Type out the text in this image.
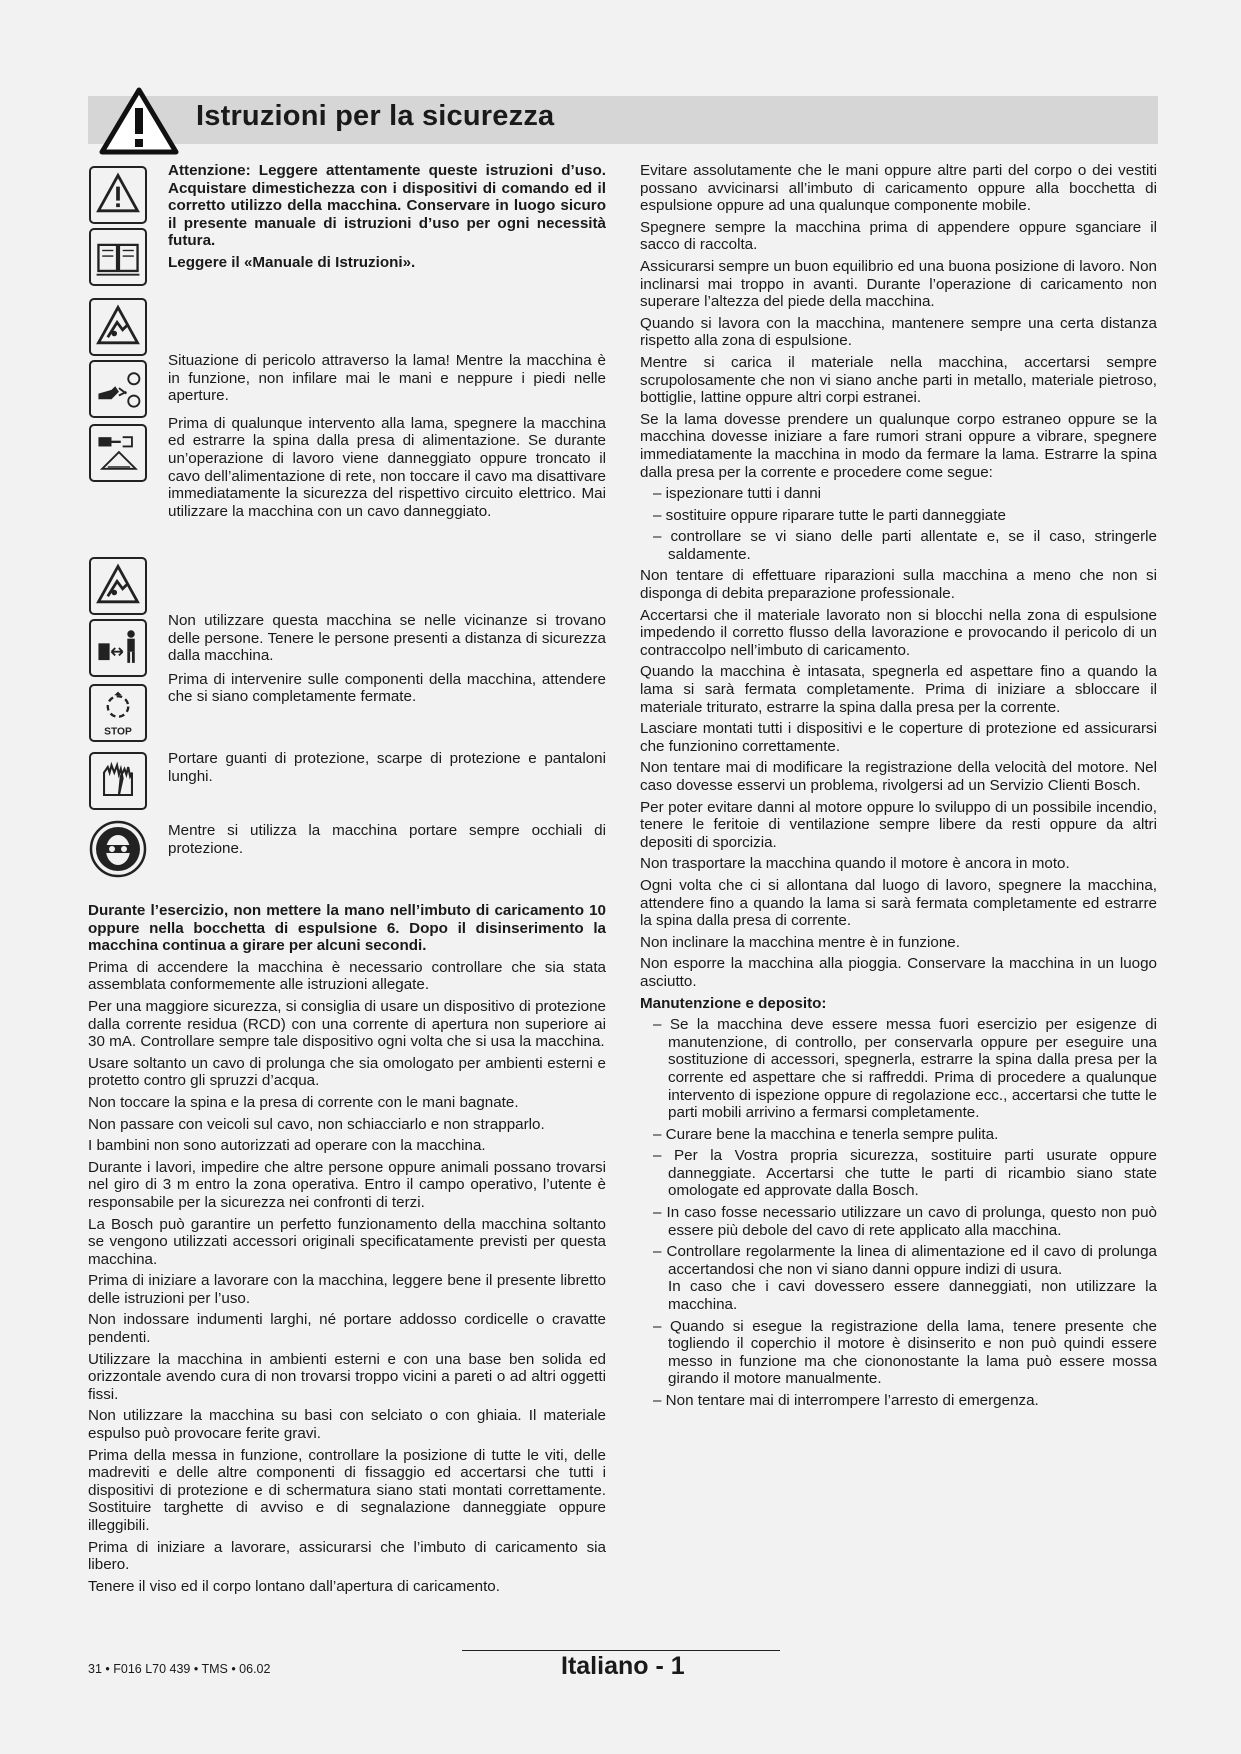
Istruzioni per la sicurezza
STOP

Attenzione: Leggere attentamente queste istruzioni d’uso. Acquistare dimestichezza con i dispositivi di comando ed il corretto utilizzo della macchina. Conservare in luogo sicuro il presente manuale di istruzioni d’uso per ogni necessità futura.

Leggere il «Manuale di Istruzioni».

Situazione di pericolo attraverso la lama! Mentre la macchina è in funzione, non infilare mai le mani e neppure i piedi nelle aperture.

Prima di qualunque intervento alla lama, spegnere la macchina ed estrarre la spina dalla presa di alimentazione. Se durante un’operazione di lavoro viene danneggiato oppure troncato il cavo dell’alimentazione di rete, non toccare il cavo ma disattivare immediatamente la sicurezza del rispettivo circuito elettrico. Mai utilizzare la macchina con un cavo danneggiato.

Non utilizzare questa macchina se nelle vicinanze si trovano delle persone. Tenere le persone presenti a distanza di sicurezza dalla macchina.

Prima di intervenire sulle componenti della macchina, attendere che si siano completamente fermate.

Portare guanti di protezione, scarpe di protezione e pantaloni lunghi.

Mentre si utilizza la macchina portare sempre occhiali di protezione.

Durante l’esercizio, non mettere la mano nell’imbuto di caricamento 10 oppure nella bocchetta di espulsione 6. Dopo il disinserimento la macchina continua a girare per alcuni secondi.

Prima di accendere la macchina è necessario controllare che sia stata assemblata conformemente alle istruzioni allegate.

Per una maggiore sicurezza, si consiglia di usare un dispositivo di protezione dalla corrente residua (RCD) con una corrente di apertura non superiore ai 30 mA. Controllare sempre tale dispositivo ogni volta che si usa la macchina.

Usare soltanto un cavo di prolunga che sia omologato per ambienti esterni e protetto contro gli spruzzi d’acqua.

Non toccare la spina e la presa di corrente con le mani bagnate.

Non passare con veicoli sul cavo, non schiacciarlo e non strapparlo.

I bambini non sono autorizzati ad operare con la macchina.

Durante i lavori, impedire che altre persone oppure animali possano trovarsi nel giro di 3 m entro la zona operativa. Entro il campo operativo, l’utente è responsabile per la sicurezza nei confronti di terzi.

La Bosch può garantire un perfetto funzionamento della macchina soltanto se vengono utilizzati accessori originali specificatamente previsti per questa macchina.

Prima di iniziare a lavorare con la macchina, leggere bene il presente libretto delle istruzioni per l’uso.

Non indossare indumenti larghi, né portare addosso cordicelle o cravatte pendenti.

Utilizzare la macchina in ambienti esterni e con una base ben solida ed orizzontale avendo cura di non trovarsi troppo vicini a pareti o ad altri oggetti fissi.

Non utilizzare la macchina su basi con selciato o con ghiaia. Il materiale espulso può provocare ferite gravi.

Prima della messa in funzione, controllare la posizione di tutte le viti, delle madreviti e delle altre componenti di fissaggio ed accertarsi che tutti i dispositivi di protezione e di schermatura siano stati montati correttamente. Sostituire targhette di avviso e di segnalazione danneggiate oppure illeggibili.

Prima di iniziare a lavorare, assicurarsi che l’imbuto di caricamento sia libero.

Tenere il viso ed il corpo lontano dall’apertura di caricamento.

Evitare assolutamente che le mani oppure altre parti del corpo o dei vestiti possano avvicinarsi all’imbuto di caricamento oppure alla bocchetta di espulsione oppure ad una qualunque componente mobile.

Spegnere sempre la macchina prima di appendere oppure sganciare il sacco di raccolta.

Assicurarsi sempre un buon equilibrio ed una buona posizione di lavoro. Non inclinarsi mai troppo in avanti. Durante l’operazione di caricamento non superare l’altezza del piede della macchina.

Quando si lavora con la macchina, mantenere sempre una certa distanza rispetto alla zona di espulsione.

Mentre si carica il materiale nella macchina, accertarsi sempre scrupolosamente che non vi siano anche parti in metallo, materiale pietroso, bottiglie, lattine oppure altri corpi estranei.

Se la lama dovesse prendere un qualunque corpo estraneo oppure se la macchina dovesse iniziare a fare rumori strani oppure a vibrare, spegnere immediatamente la macchina in modo da fermare la lama. Estrarre la spina dalla presa per la corrente e procedere come segue:

– ispezionare tutti i danni

– sostituire oppure riparare tutte le parti danneggiate

– controllare se vi siano delle parti allentate e, se il caso, stringerle saldamente.

Non tentare di effettuare riparazioni sulla macchina a meno che non si disponga di debita preparazione professionale.

Accertarsi che il materiale lavorato non si blocchi nella zona di espulsione impedendo il corretto flusso della lavorazione e provocando il pericolo di un contraccolpo nell’imbuto di caricamento.

Quando la macchina è intasata, spegnerla ed aspettare fino a quando la lama si sarà fermata completamente. Prima di iniziare a sbloccare il materiale triturato, estrarre la spina dalla presa per la corrente.

Lasciare montati tutti i dispositivi e le coperture di protezione ed assicurarsi che funzionino correttamente.

Non tentare mai di modificare la registrazione della velocità del motore. Nel caso dovesse esservi un problema, rivolgersi ad un Servizio Clienti Bosch.

Per poter evitare danni al motore oppure lo sviluppo di un possibile incendio, tenere le feritoie di ventilazione sempre libere da resti oppure da altri depositi di sporcizia.

Non trasportare la macchina quando il motore è ancora in moto.

Ogni volta che ci si allontana dal luogo di lavoro, spegnere la macchina, attendere fino a quando la lama si sarà fermata completamente ed estrarre la spina dalla presa di corrente.

Non inclinare la macchina mentre è in funzione.

Non esporre la macchina alla pioggia. Conservare la macchina in un luogo asciutto.

Manutenzione e deposito:

– Se la macchina deve essere messa fuori esercizio per esigenze di manutenzione, di controllo, per conservarla oppure per eseguire una sostituzione di accessori, spegnerla, estrarre la spina dalla presa per la corrente ed aspettare che si raffreddi. Prima di procedere a qualunque intervento di ispezione oppure di regolazione ecc., accertarsi che tutte le parti mobili arrivino a fermarsi completamente.

– Curare bene la macchina e tenerla sempre pulita.

– Per la Vostra propria sicurezza, sostituire parti usurate oppure danneggiate. Accertarsi che tutte le parti di ricambio siano state omologate ed approvate dalla Bosch.

– In caso fosse necessario utilizzare un cavo di prolunga, questo non può essere più debole del cavo di rete applicato alla macchina.

– Controllare regolarmente la linea di alimentazione ed il cavo di prolunga accertandosi che non vi siano danni oppure indizi di usura.

In caso che i cavi dovessero essere danneggiati, non utilizzare la macchina.

– Quando si esegue la registrazione della lama, tenere presente che togliendo il coperchio il motore è disinserito e non può quindi essere messo in funzione ma che ciononostante la lama può essere mossa girando il motore manualmente.

– Non tentare mai di interrompere l’arresto di emergenza.

31 • F016 L70 439 • TMS • 06.02	Italiano - 1
